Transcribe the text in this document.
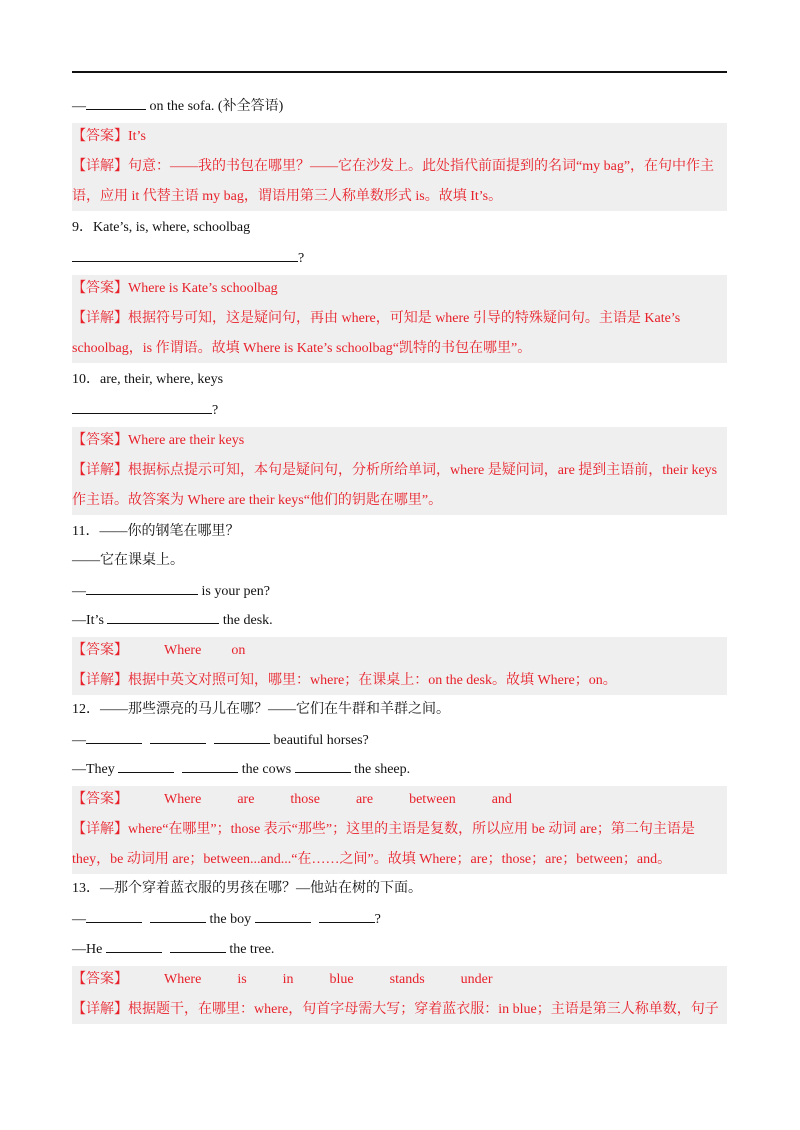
—	on the sofa. (补全答语)
【答案】It’s
【详解】句意：——我的书包在哪里？——它在沙发上。此处指代前面提到的名词“my bag”，在句中作主
语，应用 it 代替主语 my bag，谓语用第三人称单数形式 is。故填 It’s。
9．Kate’s, is, where, schoolbag
?
【答案】Where is Kate’s schoolbag
【详解】根据符号可知，这是疑问句，再由 where，可知是 where 引导的特殊疑问句。主语是 Kate’s
schoolbag，is 作谓语。故填 Where is Kate’s schoolbag“凯特的书包在哪里”。
10．are, their, where, keys
?
【答案】Where are their keys
【详解】根据标点提示可知，本句是疑问句，分析所给单词，where 是疑问词，are 提到主语前，their keys
作主语。故答案为 Where are their keys“他们的钥匙在哪里”。
11．——你的钢笔在哪里？
——它在课桌上。
—	is your pen?
—It’s	the desk.
【答案】	Where on
【详解】根据中英文对照可知，哪里：where；在课桌上：on the desk。故填 Where；on。
12．——那些漂亮的马儿在哪？——它们在牛群和羊群之间。
—	beautiful horses?
—They	the cows	the sheep.
【答案】	Where	are	those	are	between	and
【详解】where“在哪里”；those 表示“那些”；这里的主语是复数，所以应用 be 动词 are；第二句主语是
they，be 动词用 are；between...and...“在……之间”。故填 Where；are；those；are；between；and。
13．—那个穿着蓝衣服的男孩在哪？—他站在树的下面。
—	the boy	?
—He	the tree.
【答案】	Where	is	in	blue	stands	under
【详解】根据题干，在哪里：where，句首字母需大写；穿着蓝衣服：in blue；主语是第三人称单数，句子
